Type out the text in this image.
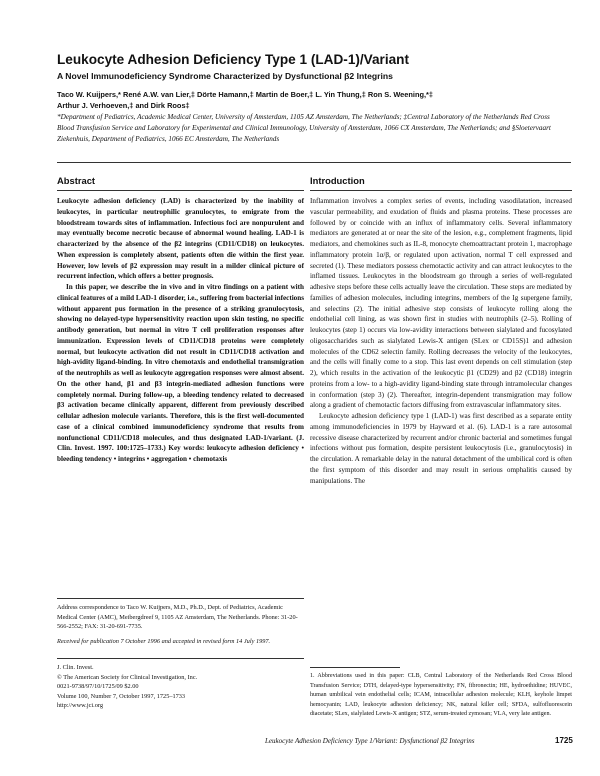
Leukocyte Adhesion Deficiency Type 1 (LAD-1)/Variant
A Novel Immunodeficiency Syndrome Characterized by Dysfunctional β2 Integrins
Taco W. Kuijpers,* René A.W. van Lier,‡ Dörte Hamann,‡ Martin de Boer,‡ L. Yin Thung,‡ Ron S. Weening,*‡
Arthur J. Verhoeven,‡ and Dirk Roos‡
*Department of Pediatrics, Academic Medical Center, University of Amsterdam, 1105 AZ Amsterdam, The Netherlands; ‡Central Laboratory of the Netherlands Red Cross Blood Transfusion Service and Laboratory for Experimental and Clinical Immunology, University of Amsterdam, 1066 CX Amsterdam, The Netherlands; and §Sloetervaart Ziekenhuis, Department of Pediatrics, 1066 EC Amsterdam, The Netherlands
Abstract

Leukocyte adhesion deficiency (LAD) is characterized by the inability of leukocytes, in particular neutrophilic granulocytes, to emigrate from the bloodstream towards sites of inflammation. Infectious foci are nonpurulent and may eventually become necrotic because of abnormal wound healing. LAD-1 is characterized by the absence of the β2 integrins (CD11/CD18) on leukocytes. When expression is completely absent, patients often die within the first year. However, low levels of β2 expression may result in a milder clinical picture of recurrent infection, which offers a better prognosis.

In this paper, we describe the in vivo and in vitro findings on a patient with clinical features of a mild LAD-1 disorder, i.e., suffering from bacterial infections without apparent pus formation in the presence of a striking granulocytosis, showing no delayed-type hypersensitivity reaction upon skin testing, no specific antibody generation, but normal in vitro T cell proliferation responses after immunization. Expression levels of CD11/CD18 proteins were completely normal, but leukocyte activation did not result in CD11/CD18 activation and high-avidity ligand-binding. In vitro chemotaxis and endothelial transmigration of the neutrophils as well as leukocyte aggregation responses were almost absent. On the other hand, β1 and β3 integrin-mediated adhesion functions were completely normal. During follow-up, a bleeding tendency related to decreased β3 activation became clinically apparent, different from previously described cellular adhesion molecule variants. Therefore, this is the first well-documented case of a clinical combined immunodeficiency syndrome that results from nonfunctional CD11/CD18 molecules, and thus designated LAD-1/variant. (J. Clin. Invest. 1997. 100:1725–1733.) Key words: leukocyte adhesion deficiency • bleeding tendency • integrins • aggregation • chemotaxis

Introduction

Inflammation involves a complex series of events, including vasodilatation, increased vascular permeability, and exudation of fluids and plasma proteins. These processes are followed by or coincide with an influx of inflammatory cells. Several inflammatory mediators are generated at or near the site of the lesion, e.g., complement fragments, lipid mediators, and chemokines such as IL-8, monocyte chemoattractant protein 1, macrophage inflammatory protein 1α/β, or regulated upon activation, normal T cell expressed and secreted (1). These mediators possess chemotactic activity and can attract leukocytes to the inflamed tissues. Leukocytes in the bloodstream go through a series of well-regulated adhesive steps before these cells actually leave the circulation. These steps are mediated by families of adhesion molecules, including integrins, members of the Ig supergene family, and selectins (2). The initial adhesive step consists of leukocyte rolling along the endothelial cell lining, as was shown first in studies with neutrophils (2–5). Rolling of leukocytes (step 1) occurs via low-avidity interactions between sialylated and fucosylated oligosaccharides such as sialylated Lewis-X antigen (SLex or CD15S)1 and adhesion molecules of the CD62 selectin family. Rolling decreases the velocity of the leukocytes, and the cells will finally come to a stop. This last event depends on cell stimulation (step 2), which results in the activation of the leukocytic β1 (CD29) and β2 (CD18) integrin proteins from a low- to a high-avidity ligand-binding state through intramolecular changes in conformation (step 3) (2). Thereafter, integrin-dependent transmigration may follow along a gradient of chemotactic factors diffusing from extravascular inflammatory sites.

Leukocyte adhesion deficiency type 1 (LAD-1) was first described as a separate entity among immunodeficiencies in 1979 by Hayward et al. (6). LAD-1 is a rare autosomal recessive disease characterized by recurrent and/or chronic bacterial and sometimes fungal infections without pus formation, despite persistent leukocytosis (i.e., granulocytosis) in the circulation. A remarkable delay in the natural detachment of the umbilical cord is often the first symptom of this disorder and may result in serious omphalitis caused by manipulations. The

Address correspondence to Taco W. Kuijpers, M.D., Ph.D., Dept. of Pediatrics, Academic Medical Center (AMC), Meibergdreef 9, 1105 AZ Amsterdam, The Netherlands. Phone: 31-20-566-2552; FAX: 31-20-691-7735.

Received for publication 7 October 1996 and accepted in revised form 14 July 1997.

J. Clin. Invest.
© The American Society for Clinical Investigation, Inc.
0021-9738/97/10/1725/09 $2.00
Volume 100, Number 7, October 1997, 1725–1733
http://www.jci.org
1. Abbreviations used in this paper: CLB, Central Laboratory of the Netherlands Red Cross Blood Transfusion Service; DTH, delayed-type hypersensitivity; FN, fibronectin; HE, hydroethidine; HUVEC, human umbilical vein endothelial cells; ICAM, intracellular adhesion molecule; KLH, keyhole limpet hemocyanin; LAD, leukocyte adhesion deficiency; NK, natural killer cell; SFDA, sulfofluorescein diacetate; SLex, sialylated Lewis-X antigen; STZ, serum-treated zymosan; VLA, very late antigen.
Leukocyte Adhesion Deficiency Type 1/Variant: Dysfunctional β2 Integrins	1725
